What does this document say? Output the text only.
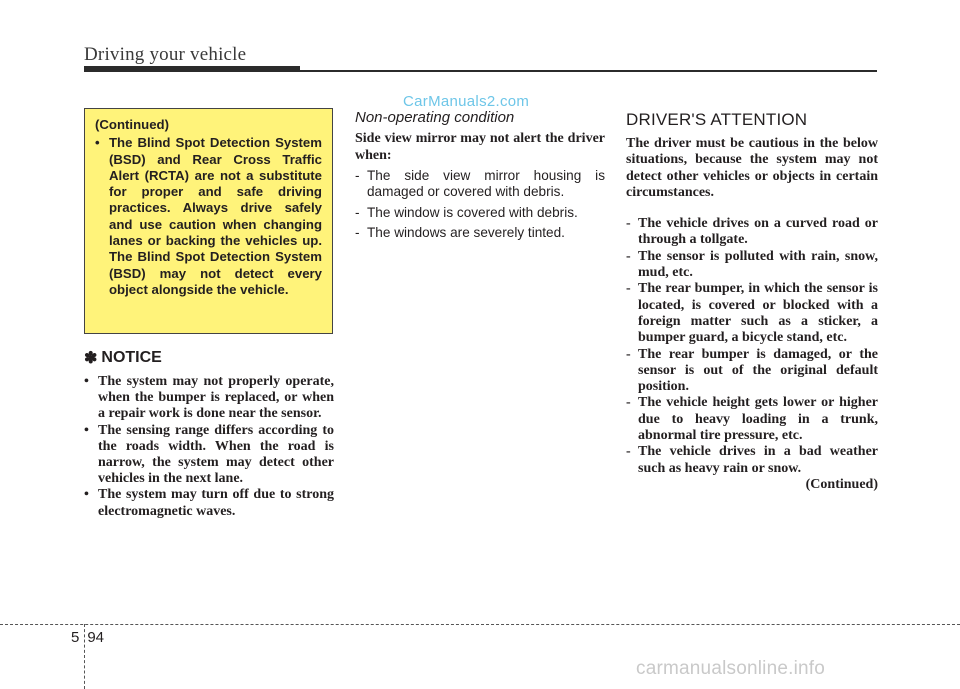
Driving your vehicle
CarManuals2.com
(Continued)
• The Blind Spot Detection System (BSD) and Rear Cross Traffic Alert (RCTA) are not a substitute for proper and safe driving practices. Always drive safely and use caution when changing lanes or backing the vehicles up. The Blind Spot Detection System (BSD) may not detect every object alongside the vehicle.
✽ NOTICE
• The system may not properly operate, when the bumper is replaced, or when a repair work is done near the sensor.
• The sensing range differs according to the roads width. When the road is narrow, the system may detect other vehicles in the next lane.
• The system may turn off due to strong electromagnetic waves.
Non-operating condition
Side view mirror may not alert the driver when:
- The side view mirror housing is damaged or covered with debris.
- The window is covered with debris.
- The windows are severely tinted.
DRIVER'S ATTENTION
The driver must be cautious in the below situations, because the system may not detect other vehicles or objects in certain circumstances.
- The vehicle drives on a curved road or through a tollgate.
- The sensor is polluted with rain, snow, mud, etc.
- The rear bumper, in which the sensor is located, is covered or blocked with a foreign matter such as a sticker, a bumper guard, a bicycle stand, etc.
- The rear bumper is damaged, or the sensor is out of the original default position.
- The vehicle height gets lower or higher due to heavy loading in a trunk, abnormal tire pressure, etc.
- The vehicle drives in a bad weather such as heavy rain or snow.
(Continued)
5 94
carmanualsonline.info
